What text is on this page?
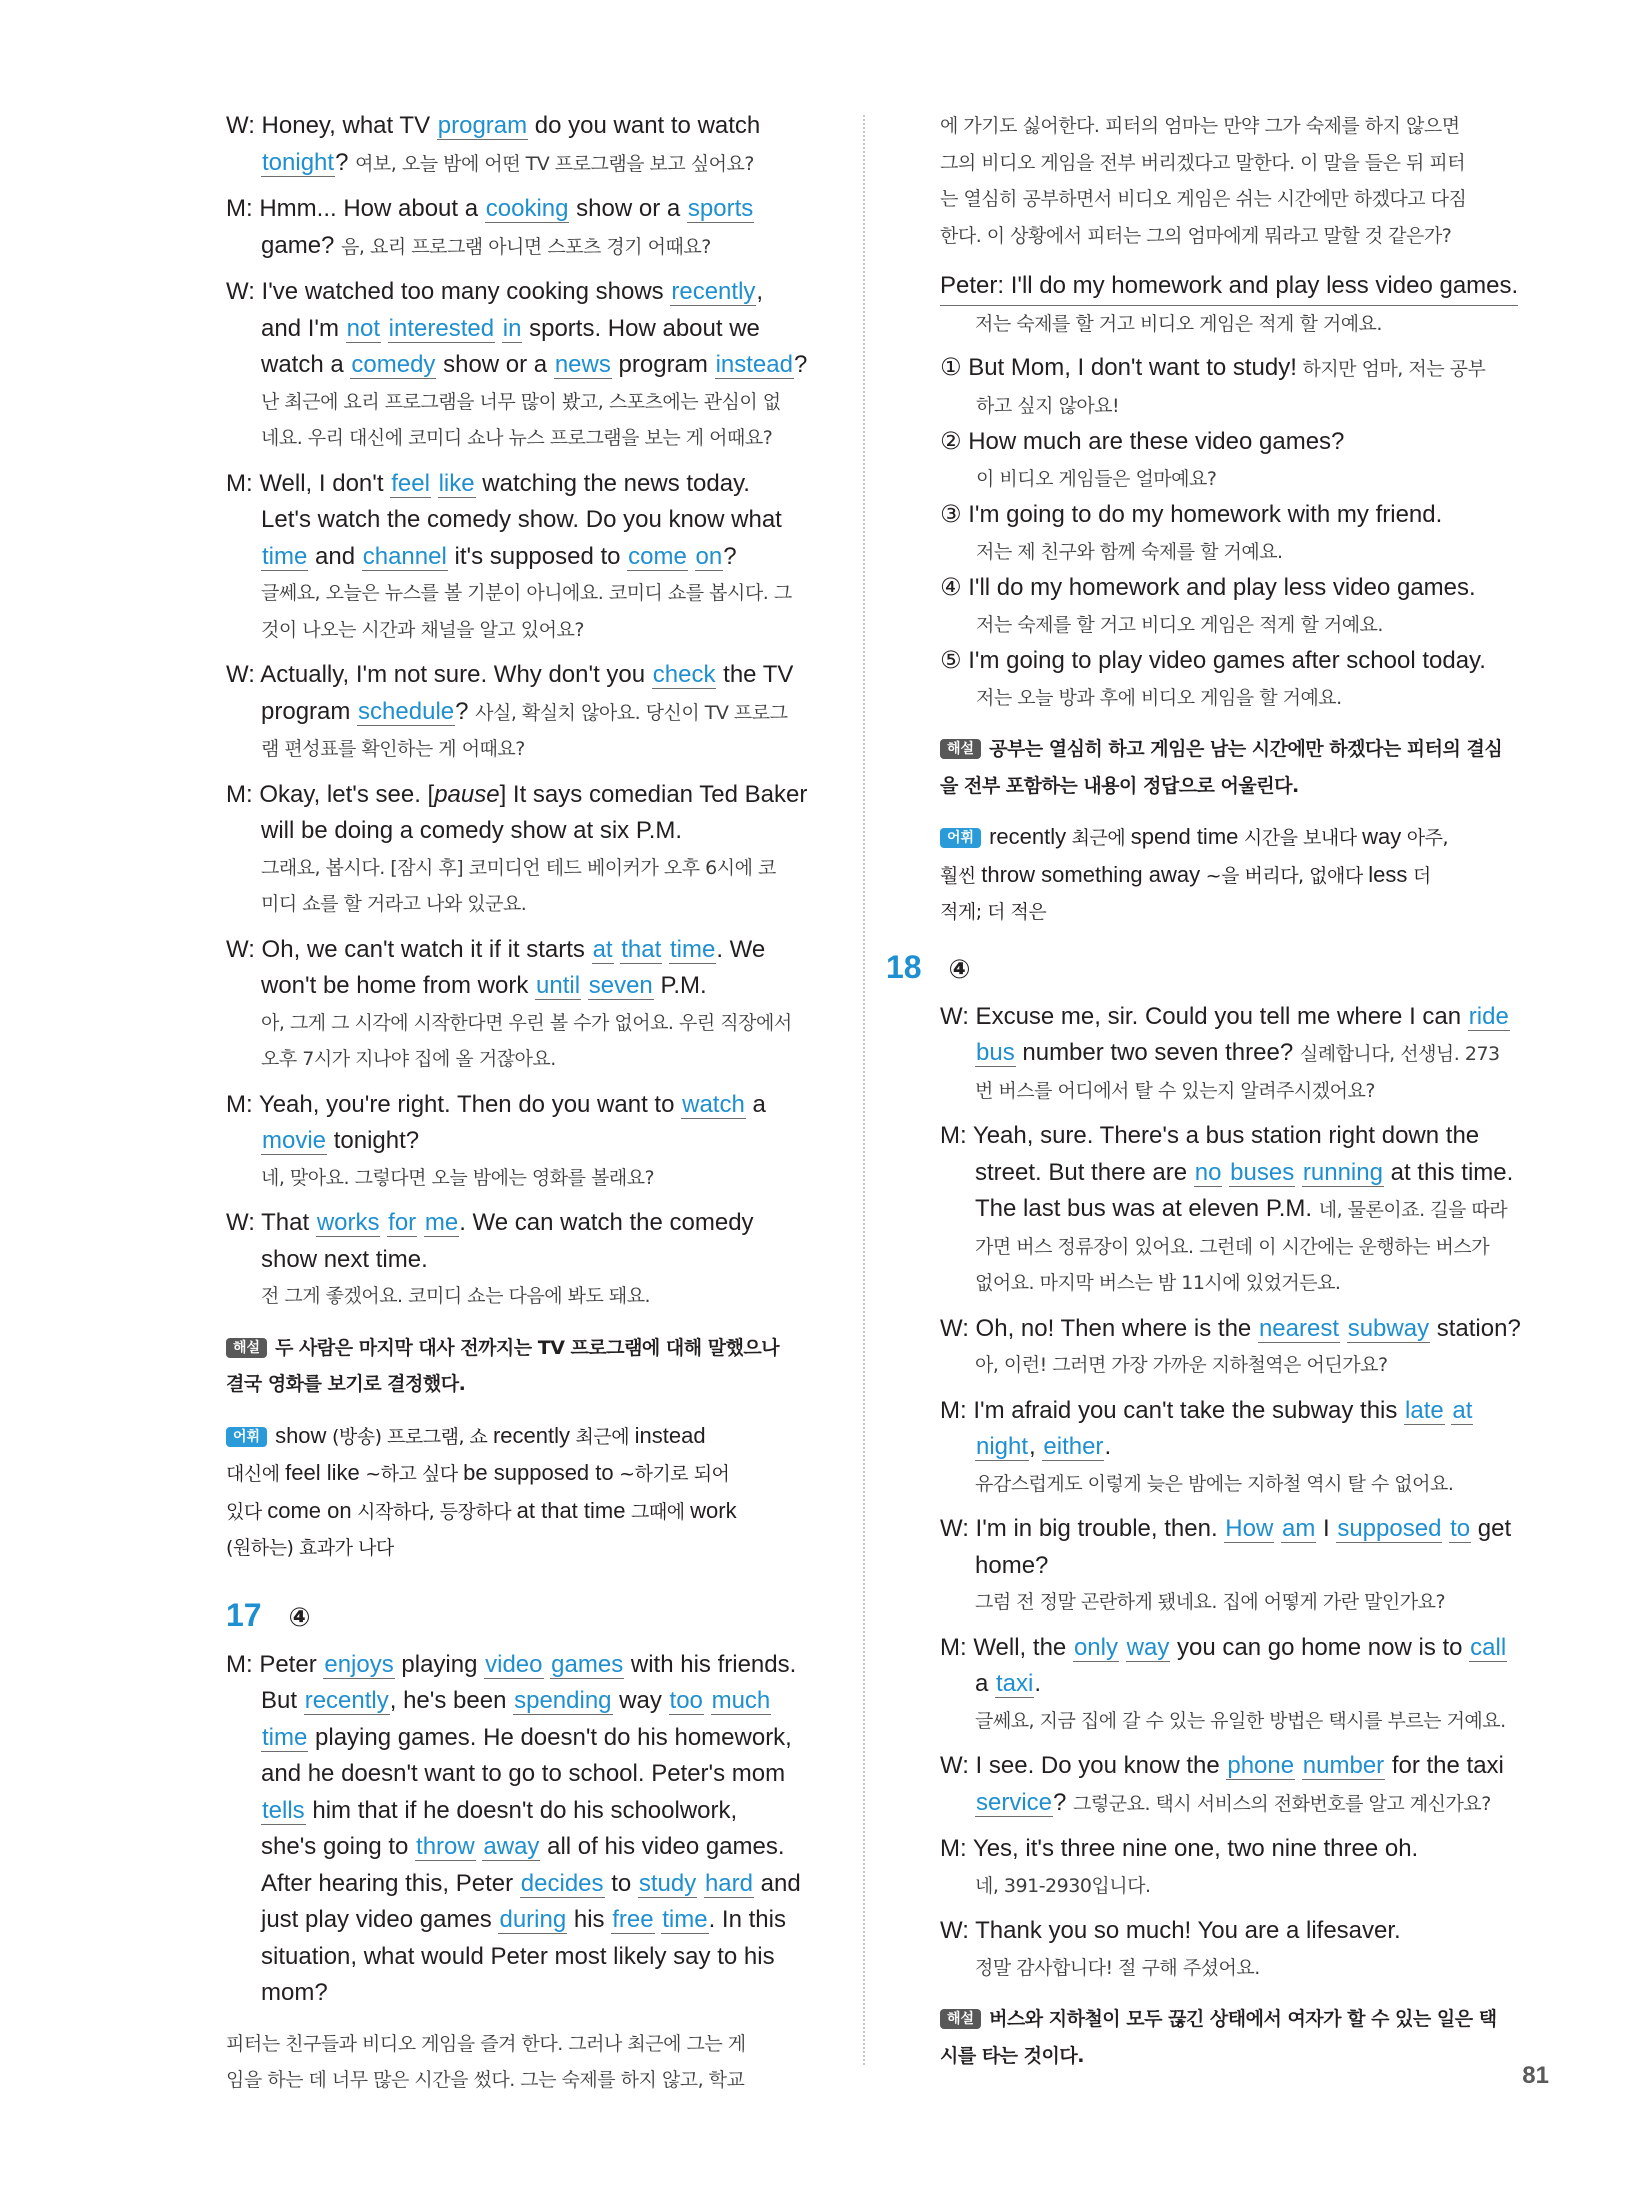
W: Honey, what TV program do you want to watch
tonight? 여보, 오늘 밤에 어떤 TV 프로그램을 보고 싶어요?
M: Hmm... How about a cooking show or a sports
game? 음, 요리 프로그램 아니면 스포츠 경기 어때요?
W: I've watched too many cooking shows recently,
and I'm not interested in sports. How about we
watch a comedy show or a news program instead?
난 최근에 요리 프로그램을 너무 많이 봤고, 스포츠에는 관심이 없
네요. 우리 대신에 코미디 쇼나 뉴스 프로그램을 보는 게 어때요?
M: Well, I don't feel like watching the news today.
Let's watch the comedy show. Do you know what
time and channel it's supposed to come on?
글쎄요, 오늘은 뉴스를 볼 기분이 아니에요. 코미디 쇼를 봅시다. 그
것이 나오는 시간과 채널을 알고 있어요?
W: Actually, I'm not sure. Why don't you check the TV
program schedule? 사실, 확실치 않아요. 당신이 TV 프로그
램 편성표를 확인하는 게 어때요?
M: Okay, let's see. [pause] It says comedian Ted Baker
will be doing a comedy show at six P.M.
그래요, 봅시다. [잠시 후] 코미디언 테드 베이커가 오후 6시에 코
미디 쇼를 할 거라고 나와 있군요.
W: Oh, we can't watch it if it starts at that time. We
won't be home from work until seven P.M.
아, 그게 그 시각에 시작한다면 우린 볼 수가 없어요. 우린 직장에서
오후 7시가 지나야 집에 올 거잖아요.
M: Yeah, you're right. Then do you want to watch a
movie tonight?
네, 맞아요. 그렇다면 오늘 밤에는 영화를 볼래요?
W: That works for me. We can watch the comedy
show next time.
전 그게 좋겠어요. 코미디 쇼는 다음에 봐도 돼요.
해설 두 사람은 마지막 대사 전까지는 TV 프로그램에 대해 말했으나
결국 영화를 보기로 결정했다.
어휘 show (방송) 프로그램, 쇼 recently 최근에 instead
대신에 feel like ~하고 싶다 be supposed to ~하기로 되어
있다 come on 시작하다, 등장하다 at that time 그때에 work
(원하는) 효과가 나다
17 ④
M: Peter enjoys playing video games with his friends.
But recently, he's been spending way too much
time playing games. He doesn't do his homework,
and he doesn't want to go to school. Peter's mom
tells him that if he doesn't do his schoolwork,
she's going to throw away all of his video games.
After hearing this, Peter decides to study hard and
just play video games during his free time. In this
situation, what would Peter most likely say to his
mom?
피터는 친구들과 비디오 게임을 즐겨 한다. 그러나 최근에 그는 게
임을 하는 데 너무 많은 시간을 썼다. 그는 숙제를 하지 않고, 학교
에 가기도 싫어한다. 피터의 엄마는 만약 그가 숙제를 하지 않으면
그의 비디오 게임을 전부 버리겠다고 말한다. 이 말을 들은 뒤 피터
는 열심히 공부하면서 비디오 게임은 쉬는 시간에만 하겠다고 다짐
한다. 이 상황에서 피터는 그의 엄마에게 뭐라고 말할 것 같은가?
Peter: I'll do my homework and play less video games.
저는 숙제를 할 거고 비디오 게임은 적게 할 거예요.
① But Mom, I don't want to study! 하지만 엄마, 저는 공부
하고 싶지 않아요!
② How much are these video games?
이 비디오 게임들은 얼마예요?
③ I'm going to do my homework with my friend.
저는 제 친구와 함께 숙제를 할 거예요.
④ I'll do my homework and play less video games.
저는 숙제를 할 거고 비디오 게임은 적게 할 거예요.
⑤ I'm going to play video games after school today.
저는 오늘 방과 후에 비디오 게임을 할 거예요.
해설 공부는 열심히 하고 게임은 남는 시간에만 하겠다는 피터의 결심
을 전부 포함하는 내용이 정답으로 어울린다.
어휘 recently 최근에 spend time 시간을 보내다 way 아주,
훨씬 throw something away ~을 버리다, 없애다 less 더
적게; 더 적은
18 ④
W: Excuse me, sir. Could you tell me where I can ride
bus number two seven three? 실례합니다, 선생님. 273
번 버스를 어디에서 탈 수 있는지 알려주시겠어요?
M: Yeah, sure. There's a bus station right down the
street. But there are no buses running at this time.
The last bus was at eleven P.M. 네, 물론이죠. 길을 따라
가면 버스 정류장이 있어요. 그런데 이 시간에는 운행하는 버스가
없어요. 마지막 버스는 밤 11시에 있었거든요.
W: Oh, no! Then where is the nearest subway station?
아, 이런! 그러면 가장 가까운 지하철역은 어딘가요?
M: I'm afraid you can't take the subway this late at
night, either.
유감스럽게도 이렇게 늦은 밤에는 지하철 역시 탈 수 없어요.
W: I'm in big trouble, then. How am I supposed to get
home?
그럼 전 정말 곤란하게 됐네요. 집에 어떻게 가란 말인가요?
M: Well, the only way you can go home now is to call
a taxi.
글쎄요, 지금 집에 갈 수 있는 유일한 방법은 택시를 부르는 거예요.
W: I see. Do you know the phone number for the taxi
service? 그렇군요. 택시 서비스의 전화번호를 알고 계신가요?
M: Yes, it's three nine one, two nine three oh.
네, 391-2930입니다.
W: Thank you so much! You are a lifesaver.
정말 감사합니다! 절 구해 주셨어요.
해설 버스와 지하철이 모두 끊긴 상태에서 여자가 할 수 있는 일은 택
시를 타는 것이다.
81
